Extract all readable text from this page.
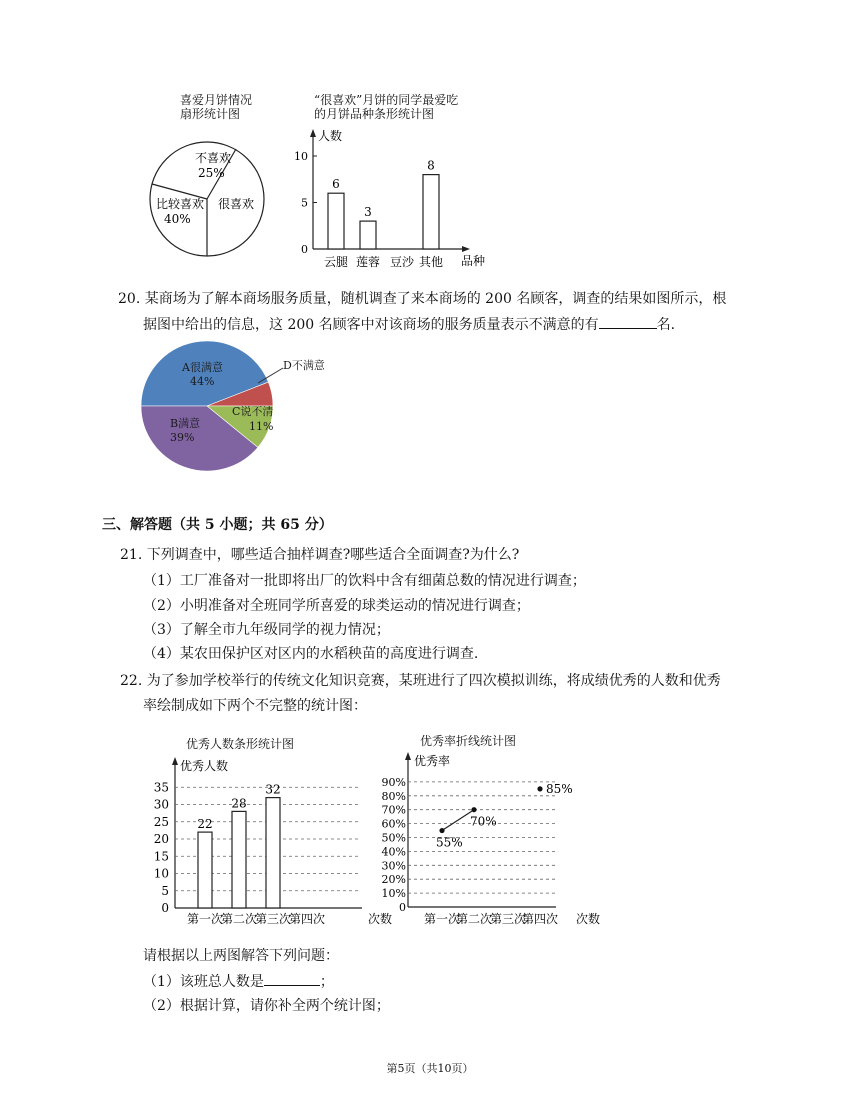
喜爱月饼情况
扇形统计图
不喜欢
25%
比较喜欢
40%
很喜欢
“很喜欢”月饼的同学最爱吃
的月饼品种条形统计图
人数
品种
0
5
10
云腿
6
莲蓉
3
豆沙 其他
8
20. 某商场为了解本商场服务质量，随机调查了来本商场的 200 名顾客，调查的结果如图所示，根
据图中给出的信息，这 200 名顾客中对该商场的服务质量表示不满意的有	名.
A很满意
44%
D不满意
C说不清
11%
B满意
39%
三、解答题（共 5 小题；共 65 分）
21. 下列调查中，哪些适合抽样调查?哪些适合全面调查?为什么?
（1）工厂准备对一批即将出厂的饮料中含有细菌总数的情况进行调查；
（2）小明准备对全班同学所喜爱的球类运动的情况进行调查；
（3）了解全市九年级同学的视力情况；
（4）某农田保护区对区内的水稻秧苗的高度进行调查.
22. 为了参加学校举行的传统文化知识竞赛，某班进行了四次模拟训练，将成绩优秀的人数和优秀
率绘制成如下两个不完整的统计图：
优秀人数条形统计图
优秀人数
次数
0
5
10
15
20
25
30
35
第一次
22
第二次
28
第三次
32
第四次
优秀率折线统计图
优秀率
次数
0
10%
20%
30%
40%
50%
60%
70%
80%
90%
第一次
第二次
第三次
第四次
55%
70%
85%
请根据以上两图解答下列问题：
（1）该班总人数是	；
（2）根据计算，请你补全两个统计图；
第5页（共10页）
